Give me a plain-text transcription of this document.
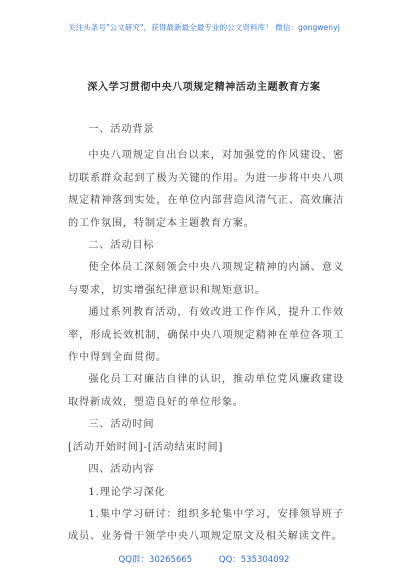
关注头条号"公文研究"，获得最新最全最专业的公文资料库！ 微信：gongwenyj
深入学习贯彻中央八项规定精神活动主题教育方案

一、活动背景

中央八项规定自出台以来，对加强党的作风建设、密切联系群众起到了极为关键的作用。为进一步将中央八项规定精神落到实处，在单位内部营造风清气正、高效廉洁的工作氛围，特制定本主题教育方案。

二、活动目标

使全体员工深刻领会中央八项规定精神的内涵、意义与要求，切实增强纪律意识和规矩意识。

通过系列教育活动，有效改进工作作风，提升工作效率，形成长效机制，确保中央八项规定精神在单位各项工作中得到全面贯彻。

强化员工对廉洁自律的认识，推动单位党风廉政建设取得新成效，塑造良好的单位形象。

三、活动时间

[活动开始时间]-[活动结束时间]

四、活动内容

1.理论学习深化

1.集中学习研讨：组织多轮集中学习，安排领导班子成员、业务骨干领学中央八项规定原文及相关解读文件。

QQ群：30265665	QQ：535304092
